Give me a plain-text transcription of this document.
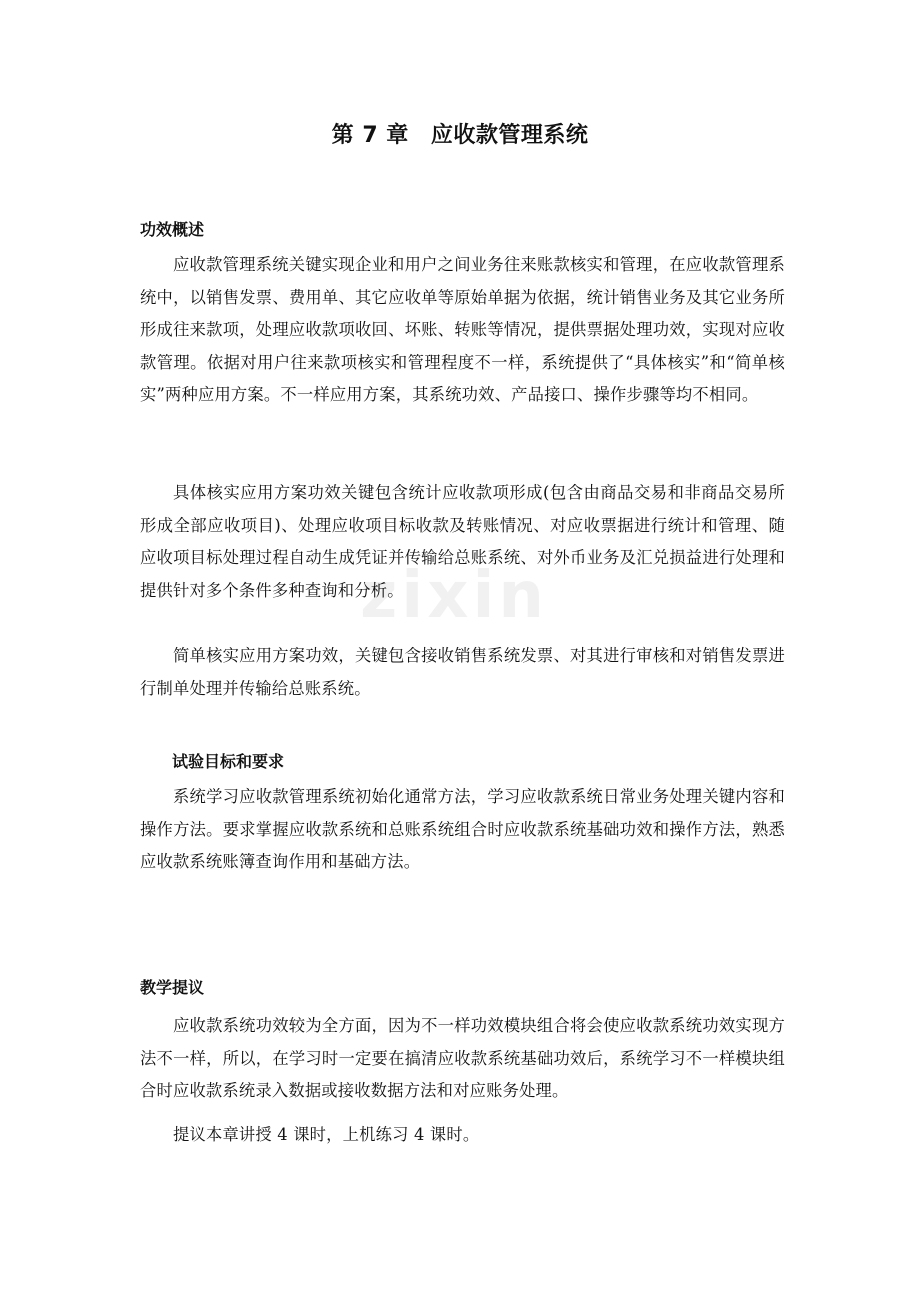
第 7 章 应收款管理系统
功效概述

应收款管理系统关键实现企业和用户之间业务往来账款核实和管理，在应收款管理系统中，以销售发票、费用单、其它应收单等原始单据为依据，统计销售业务及其它业务所形成往来款项，处理应收款项收回、坏账、转账等情况，提供票据处理功效，实现对应收款管理。依据对用户往来款项核实和管理程度不一样，系统提供了“具体核实”和“简单核实”两种应用方案。不一样应用方案，其系统功效、产品接口、操作步骤等均不相同。

具体核实应用方案功效关键包含统计应收款项形成(包含由商品交易和非商品交易所形成全部应收项目)、处理应收项目标收款及转账情况、对应收票据进行统计和管理、随应收项目标处理过程自动生成凭证并传输给总账系统、对外币业务及汇兑损益进行处理和提供针对多个条件多种查询和分析。

简单核实应用方案功效，关键包含接收销售系统发票、对其进行审核和对销售发票进行制单处理并传输给总账系统。

试验目标和要求

系统学习应收款管理系统初始化通常方法，学习应收款系统日常业务处理关键内容和操作方法。要求掌握应收款系统和总账系统组合时应收款系统基础功效和操作方法，熟悉应收款系统账簿查询作用和基础方法。

教学提议

应收款系统功效较为全方面，因为不一样功效模块组合将会使应收款系统功效实现方法不一样，所以，在学习时一定要在搞清应收款系统基础功效后，系统学习不一样模块组合时应收款系统录入数据或接收数据方法和对应账务处理。

提议本章讲授 4 课时，上机练习 4 课时。

zixin
